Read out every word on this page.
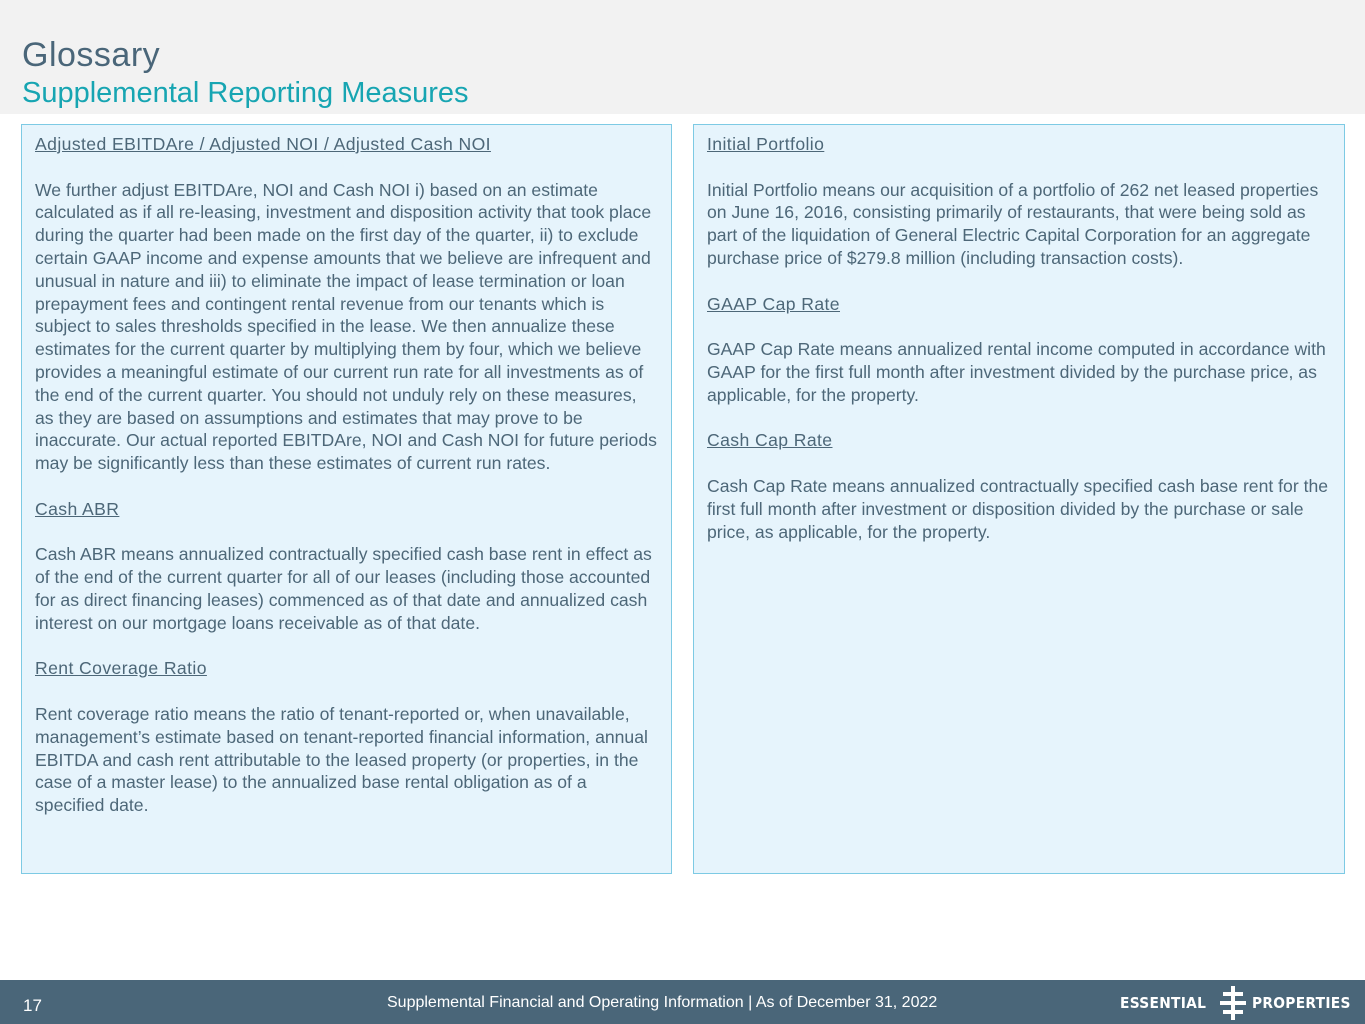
Glossary
Supplemental Reporting Measures

Adjusted EBITDAre / Adjusted NOI / Adjusted Cash NOI

We further adjust EBITDAre, NOI and Cash NOI i) based on an estimate calculated as if all re-leasing, investment and disposition activity that took place during the quarter had been made on the first day of the quarter, ii) to exclude certain GAAP income and expense amounts that we believe are infrequent and unusual in nature and iii) to eliminate the impact of lease termination or loan prepayment fees and contingent rental revenue from our tenants which is subject to sales thresholds specified in the lease. We then annualize these estimates for the current quarter by multiplying them by four, which we believe provides a meaningful estimate of our current run rate for all investments as of the end of the current quarter. You should not unduly rely on these measures, as they are based on assumptions and estimates that may prove to be inaccurate. Our actual reported EBITDAre, NOI and Cash NOI for future periods may be significantly less than these estimates of current run rates.

Cash ABR

Cash ABR means annualized contractually specified cash base rent in effect as of the end of the current quarter for all of our leases (including those accounted for as direct financing leases) commenced as of that date and annualized cash interest on our mortgage loans receivable as of that date.

Rent Coverage Ratio

Rent coverage ratio means the ratio of tenant-reported or, when unavailable, management’s estimate based on tenant-reported financial information, annual EBITDA and cash rent attributable to the leased property (or properties, in the case of a master lease) to the annualized base rental obligation as of a specified date.

Initial Portfolio

Initial Portfolio means our acquisition of a portfolio of 262 net leased properties on June 16, 2016, consisting primarily of restaurants, that were being sold as part of the liquidation of General Electric Capital Corporation for an aggregate purchase price of $279.8 million (including transaction costs).

GAAP Cap Rate

GAAP Cap Rate means annualized rental income computed in accordance with GAAP for the first full month after investment divided by the purchase price, as applicable, for the property.

Cash Cap Rate

Cash Cap Rate means annualized contractually specified cash base rent for the first full month after investment or disposition divided by the purchase or sale price, as applicable, for the property.

17	Supplemental Financial and Operating Information | As of December 31, 2022	ESSENTIAL	PROPERTIES
